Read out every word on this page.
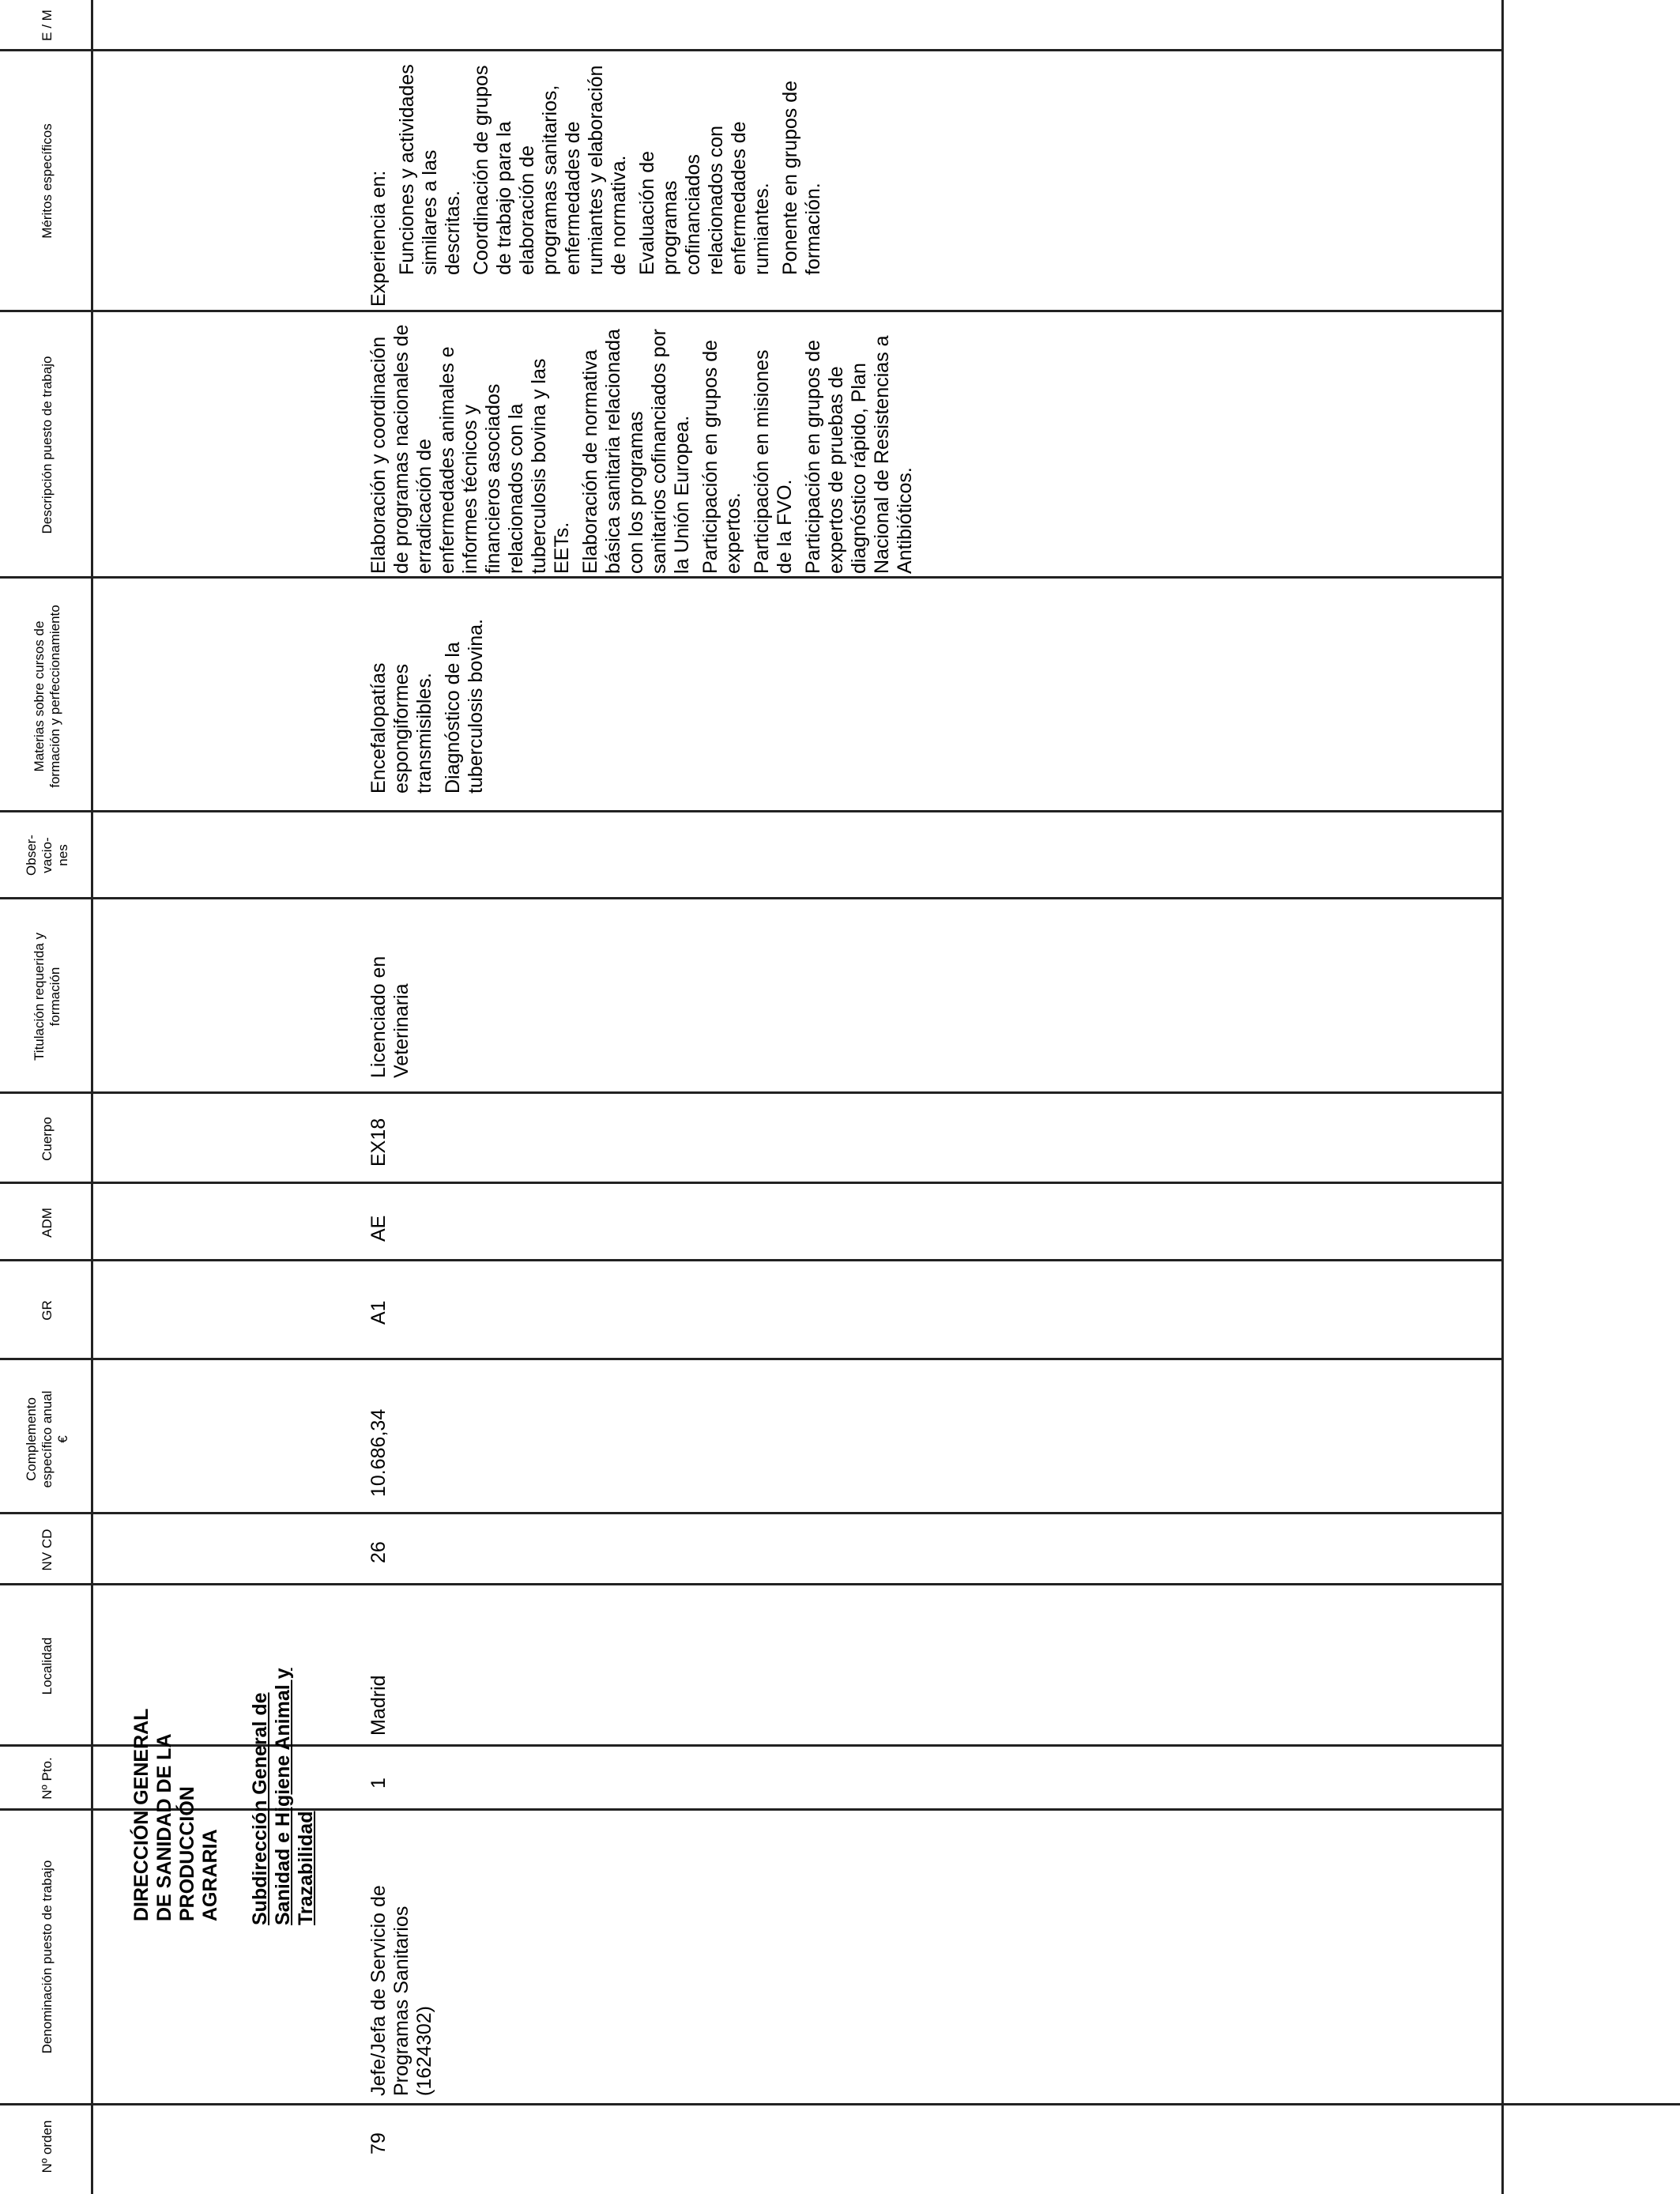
Nº orden
Denominación puesto de trabajo
Nº Pto.
Localidad
NV CD
Complemento específico anual €
GR
ADM
Cuerpo
Titulación requerida y formación
Obser-vacio-nes
Materias sobre cursos de formación y perfeccionamiento
Descripción puesto de trabajo
Méritos específicos
E / M
DIRECCIÓN GENERAL DE SANIDAD DE LA PRODUCCIÓN AGRARIA Subdirección General de Sanidad e Higiene Animal y Trazabilidad
79
Jefe/Jefa de Servicio de Programas Sanitarios (1624302)
1
Madrid
26
10.686,34
A1
AE
EX18
Licenciado en Veterinaria

Encefalopatías espongiformes transmisibles. Diagnóstico de la tuberculosis bovina.

Elaboración y coordinación de programas nacionales de erradicación de enfermedades animales e informes técnicos y financieros asociados relacionados con la tuberculosis bovina y las EETs. Elaboración de normativa básica sanitaria relacionada con los programas sanitarios cofinanciados por la Unión Europea. Participación en grupos de expertos. Participación en misiones de la FVO. Participación en grupos de expertos de pruebas de diagnóstico rápido, Plan Nacional de Resistencias a Antibióticos.

Experiencia en: Funciones y actividades similares a las descritas. Coordinación de grupos de trabajo para la elaboración de programas sanitarios, enfermedades de rumiantes y elaboración de normativa. Evaluación de programas cofinanciados relacionados con enfermedades de rumiantes. Ponente en grupos de formación.
